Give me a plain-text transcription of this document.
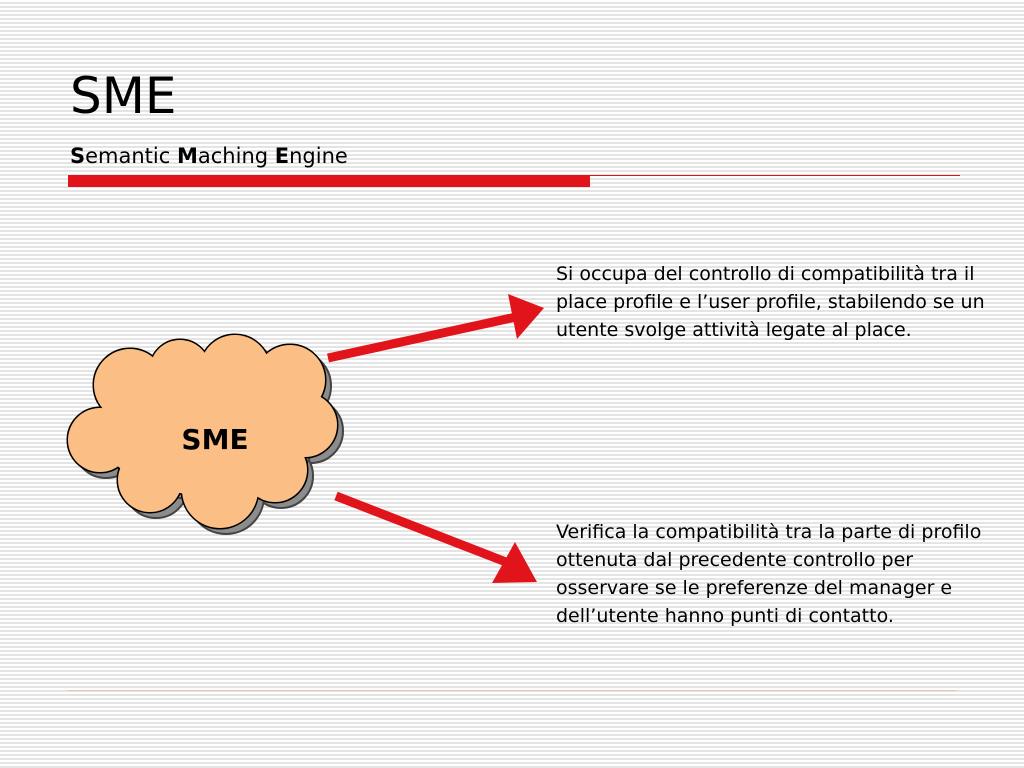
SME
Semantic Maching Engine
SME
Si occupa del controllo di compatibilità tra il place profile e l’user profile, stabilendo se un utente svolge attività legate al place.
Verifica la compatibilità tra la parte di profilo ottenuta dal precedente controllo per osservare se le preferenze del manager e dell’utente hanno punti di contatto.
